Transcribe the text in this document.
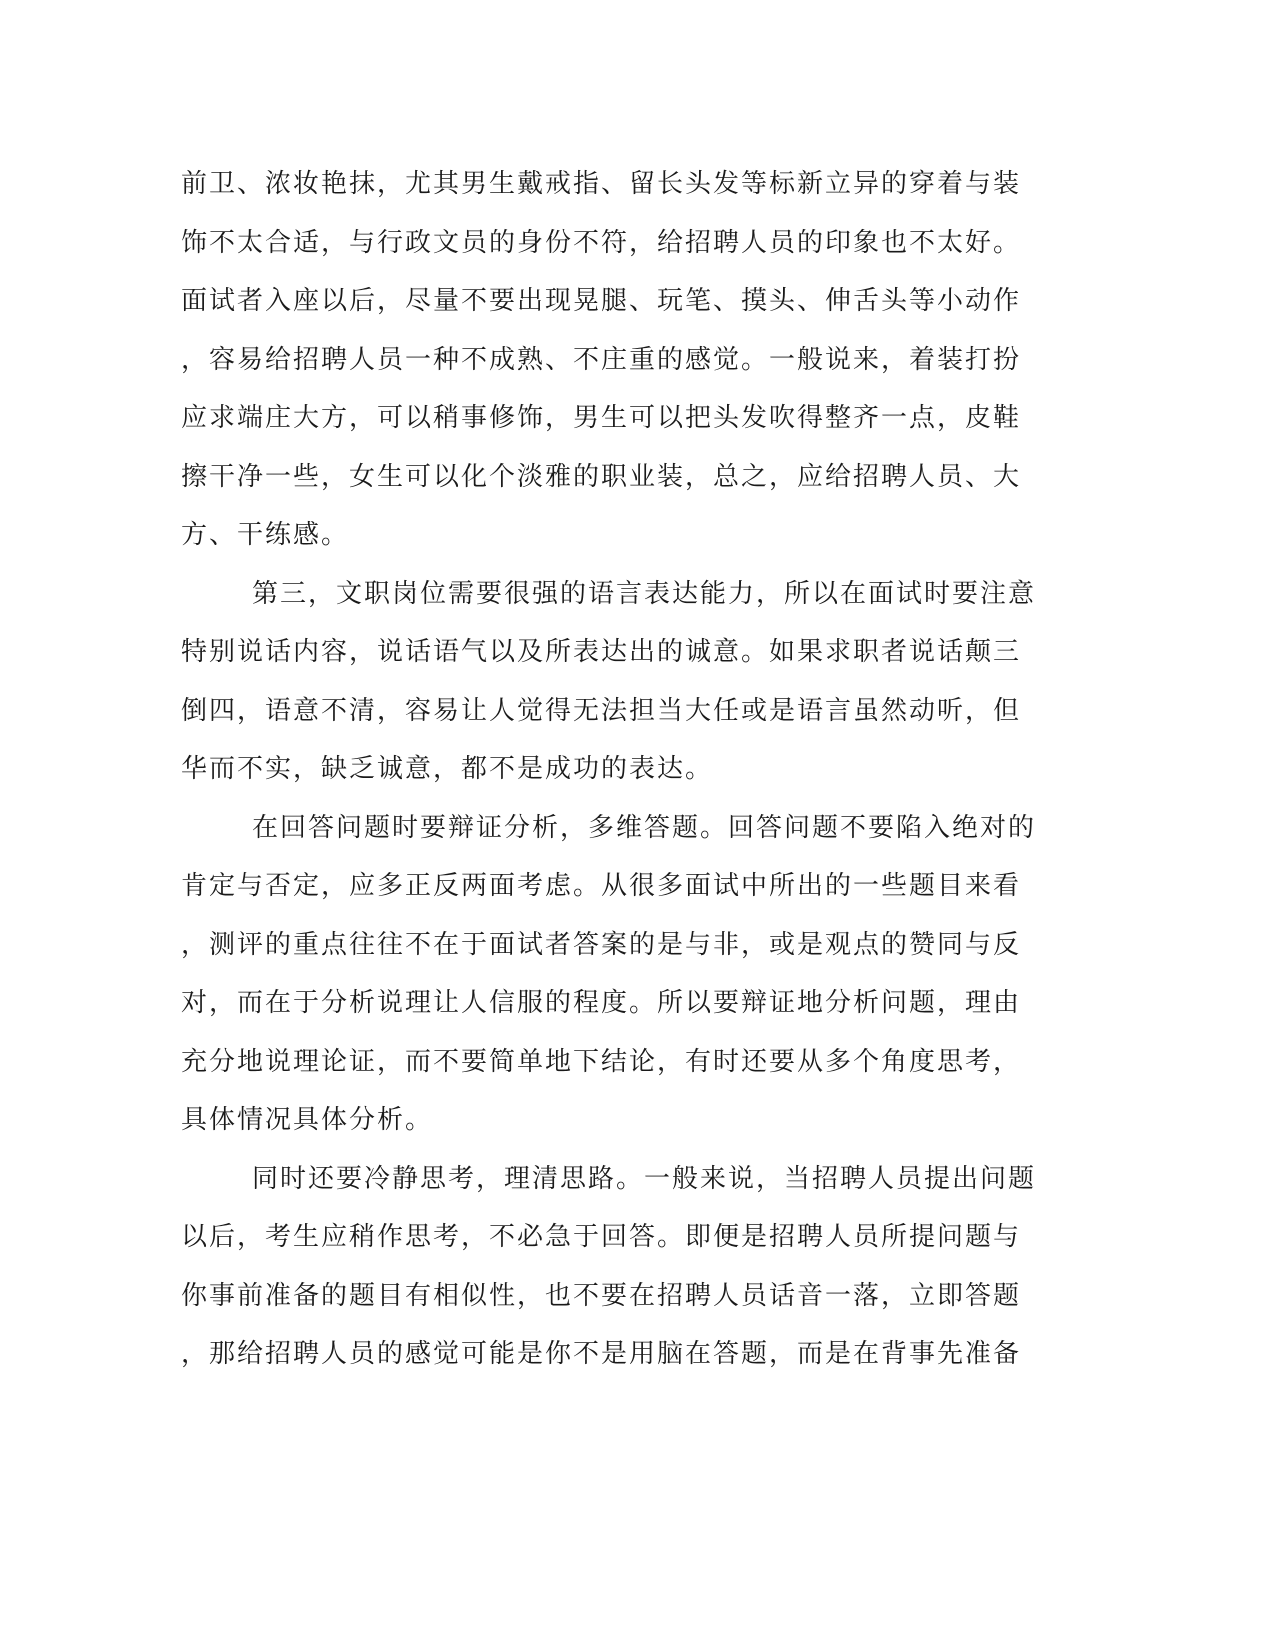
前卫、浓妆艳抹，尤其男生戴戒指、留长头发等标新立异的穿着与装
饰不太合适，与行政文员的身份不符，给招聘人员的印象也不太好。
面试者入座以后，尽量不要出现晃腿、玩笔、摸头、伸舌头等小动作
，容易给招聘人员一种不成熟、不庄重的感觉。一般说来，着装打扮
应求端庄大方，可以稍事修饰，男生可以把头发吹得整齐一点，皮鞋
擦干净一些，女生可以化个淡雅的职业装，总之，应给招聘人员、大
方、干练感。
第三，文职岗位需要很强的语言表达能力，所以在面试时要注意
特别说话内容，说话语气以及所表达出的诚意。如果求职者说话颠三
倒四，语意不清，容易让人觉得无法担当大任或是语言虽然动听，但
华而不实，缺乏诚意，都不是成功的表达。
在回答问题时要辩证分析，多维答题。回答问题不要陷入绝对的
肯定与否定，应多正反两面考虑。从很多面试中所出的一些题目来看
，测评的重点往往不在于面试者答案的是与非，或是观点的赞同与反
对，而在于分析说理让人信服的程度。所以要辩证地分析问题，理由
充分地说理论证，而不要简单地下结论，有时还要从多个角度思考，
具体情况具体分析。
同时还要冷静思考，理清思路。一般来说，当招聘人员提出问题
以后，考生应稍作思考，不必急于回答。即便是招聘人员所提问题与
你事前准备的题目有相似性，也不要在招聘人员话音一落，立即答题
，那给招聘人员的感觉可能是你不是用脑在答题，而是在背事先准备
